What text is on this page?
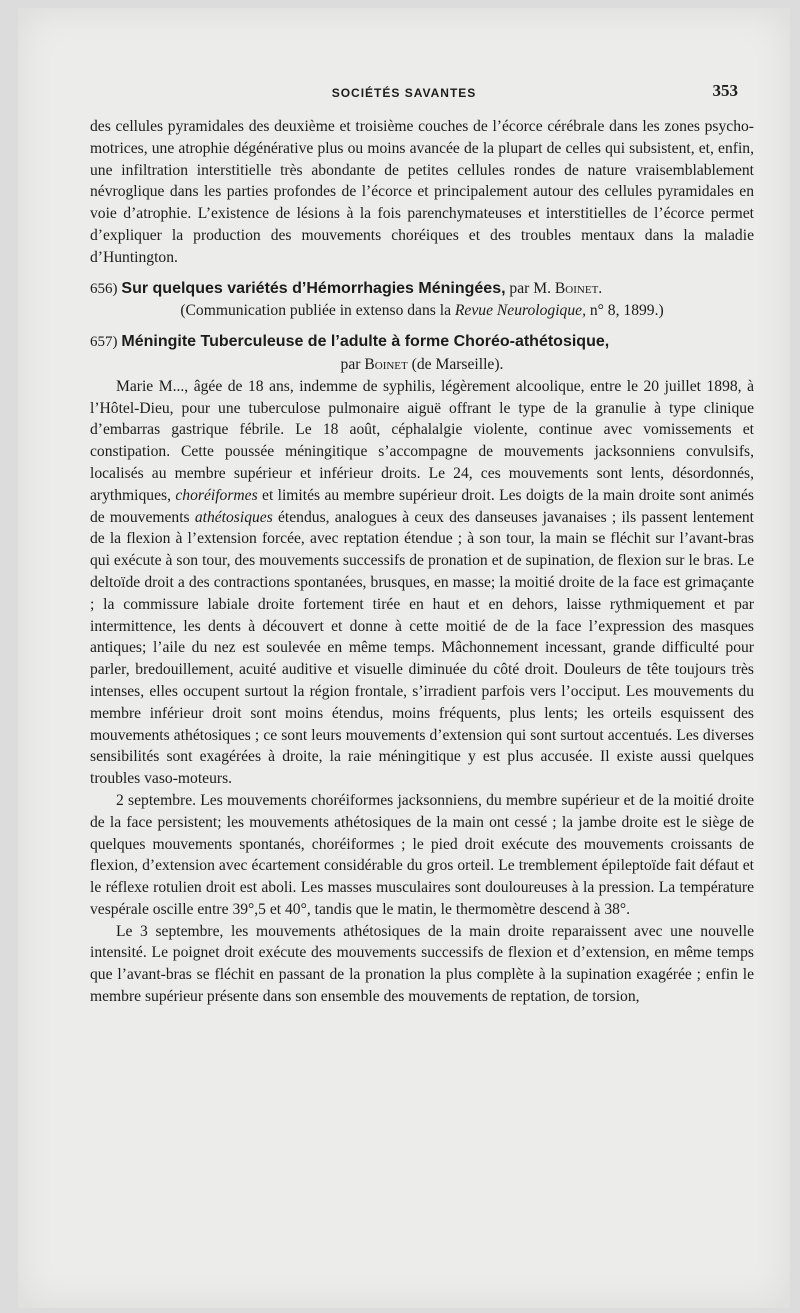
SOCIÉTÉS SAVANTES	353

des cellules pyramidales des deuxième et troisième couches de l’écorce cérébrale dans les zones psycho-motrices, une atrophie dégénérative plus ou moins avancée de la plupart de celles qui subsistent, et, enfin, une infiltration interstitielle très abondante de petites cellules rondes de nature vraisemblablement névroglique dans les parties profondes de l’écorce et principalement autour des cellules pyramidales en voie d’atrophie. L’existence de lésions à la fois parenchymateuses et interstitielles de l’écorce permet d’expliquer la production des mouvements choréiques et des troubles mentaux dans la maladie d’Huntington.

656) Sur quelques variétés d’Hémorrhagies Méningées, par M. Boinet.

(Communication publiée in extenso dans la Revue Neurologique, n° 8, 1899.)

657) Méningite Tuberculeuse de l’adulte à forme Choréo-athétosique,

par Boinet (de Marseille).

Marie M..., âgée de 18 ans, indemme de syphilis, légèrement alcoolique, entre le 20 juillet 1898, à l’Hôtel-Dieu, pour une tuberculose pulmonaire aiguë offrant le type de la granulie à type clinique d’embarras gastrique fébrile. Le 18 août, céphalalgie violente, continue avec vomissements et constipation. Cette poussée méningitique s’accompagne de mouvements jacksonniens convulsifs, localisés au membre supérieur et inférieur droits. Le 24, ces mouvements sont lents, désordonnés, arythmiques, choréiformes et limités au membre supérieur droit. Les doigts de la main droite sont animés de mouvements athétosiques étendus, analogues à ceux des danseuses javanaises ; ils passent lentement de la flexion à l’extension forcée, avec reptation étendue ; à son tour, la main se fléchit sur l’avant-bras qui exécute à son tour, des mouvements successifs de pronation et de supination, de flexion sur le bras. Le deltoïde droit a des contractions spontanées, brusques, en masse; la moitié droite de la face est grimaçante ; la commissure labiale droite fortement tirée en haut et en dehors, laisse rythmiquement et par intermittence, les dents à découvert et donne à cette moitié de de la face l’expression des masques antiques; l’aile du nez est soulevée en même temps. Mâchonnement incessant, grande difficulté pour parler, bredouillement, acuité auditive et visuelle diminuée du côté droit. Douleurs de tête toujours très intenses, elles occupent surtout la région frontale, s’irradient parfois vers l’occiput. Les mouvements du membre inférieur droit sont moins étendus, moins fréquents, plus lents; les orteils esquissent des mouvements athétosiques ; ce sont leurs mouvements d’extension qui sont surtout accentués. Les diverses sensibilités sont exagérées à droite, la raie méningitique y est plus accusée. Il existe aussi quelques troubles vaso-moteurs.

2 septembre. Les mouvements choréiformes jacksonniens, du membre supérieur et de la moitié droite de la face persistent; les mouvements athétosiques de la main ont cessé ; la jambe droite est le siège de quelques mouvements spontanés, choréiformes ; le pied droit exécute des mouvements croissants de flexion, d’extension avec écartement considérable du gros orteil. Le tremblement épileptoïde fait défaut et le réflexe rotulien droit est aboli. Les masses musculaires sont douloureuses à la pression. La température vespérale oscille entre 39°,5 et 40°, tandis que le matin, le thermomètre descend à 38°.

Le 3 septembre, les mouvements athétosiques de la main droite reparaissent avec une nouvelle intensité. Le poignet droit exécute des mouvements successifs de flexion et d’extension, en même temps que l’avant-bras se fléchit en passant de la pronation la plus complète à la supination exagérée ; enfin le membre supérieur présente dans son ensemble des mouvements de reptation, de torsion,
